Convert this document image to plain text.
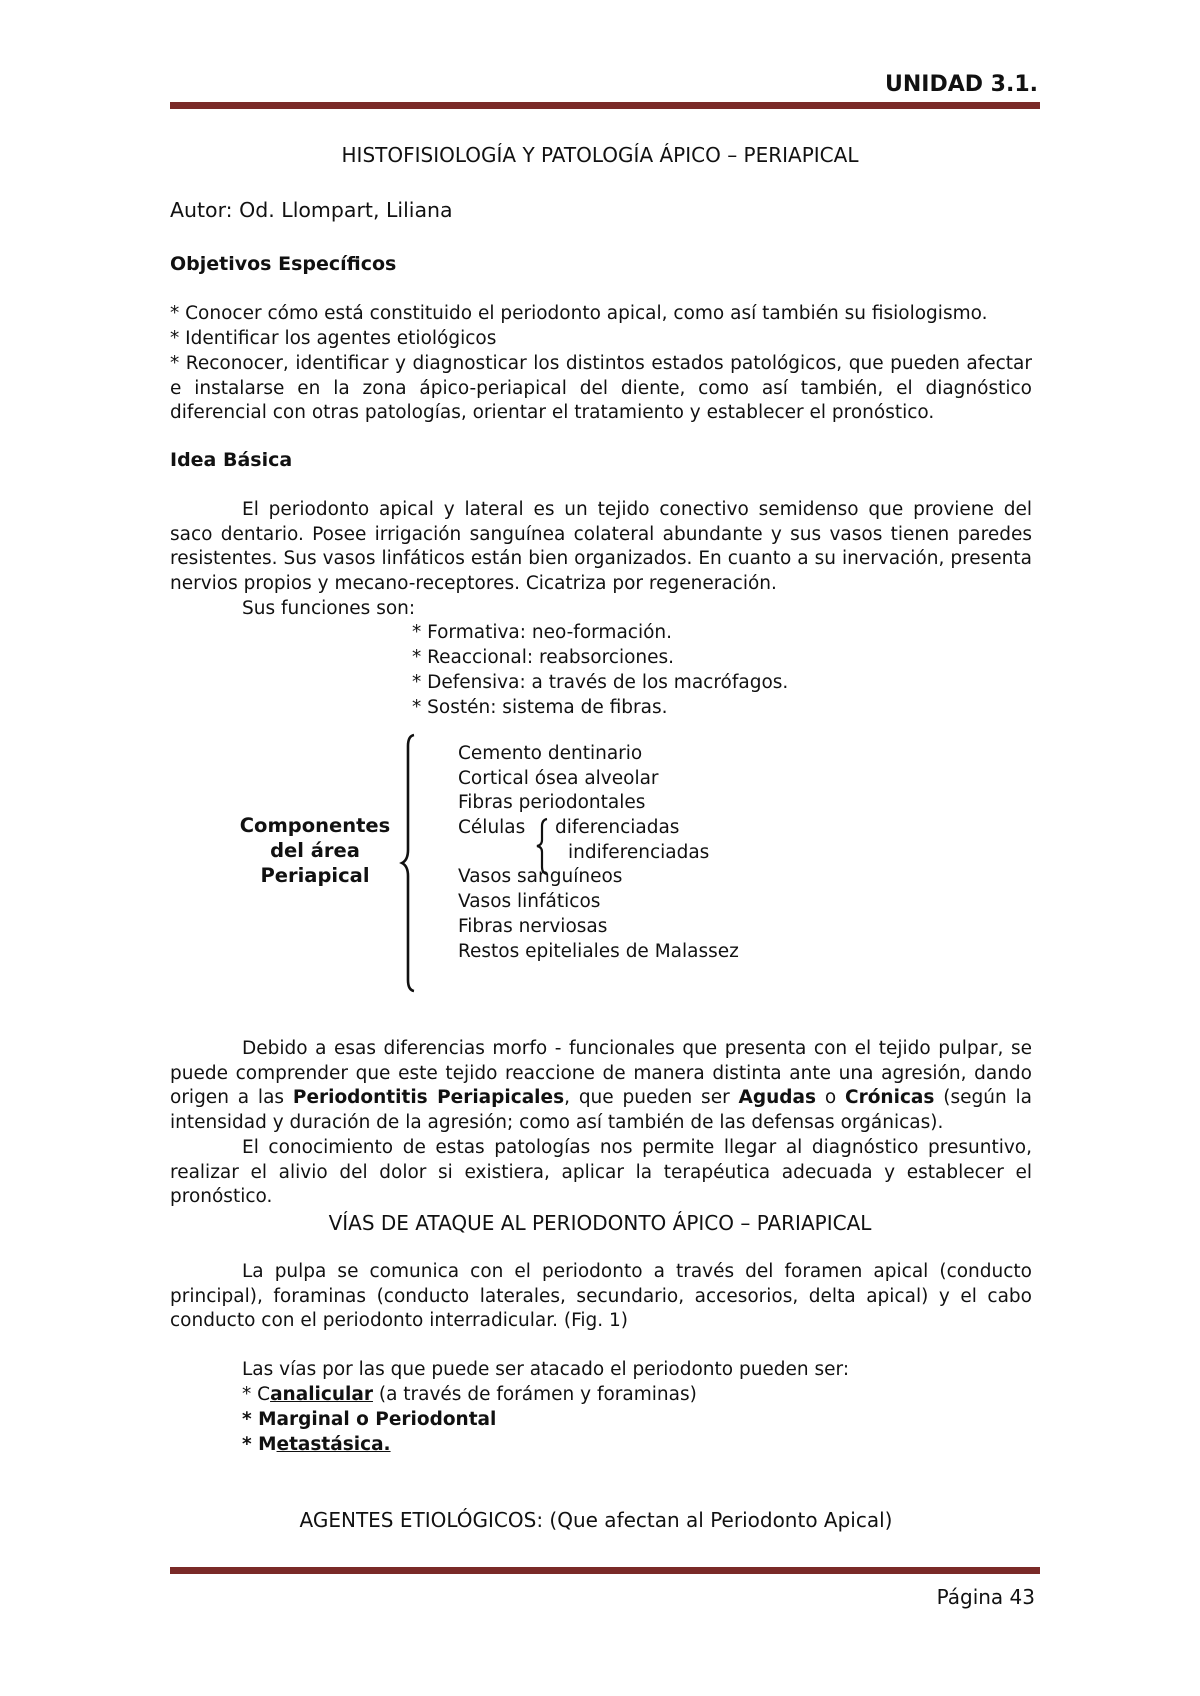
UNIDAD 3.1.
HISTOFISIOLOGÍA Y PATOLOGÍA ÁPICO – PERIAPICAL
Autor: Od. Llompart, Liliana
Objetivos Específicos
* Conocer cómo está constituido el periodonto apical, como así también su fisiologismo.
* Identificar los agentes etiológicos

* Reconocer, identificar y diagnosticar los distintos estados patológicos, que pueden afectar e instalarse en la zona ápico-periapical del diente, como así también, el diagnóstico diferencial con otras patologías, orientar el tratamiento y establecer el pronóstico.

Idea Básica

El periodonto apical y lateral es un tejido conectivo semidenso que proviene del saco dentario. Posee irrigación sanguínea colateral abundante y sus vasos tienen paredes resistentes. Sus vasos linfáticos están bien organizados. En cuanto a su inervación, presenta nervios propios y mecano-receptores. Cicatriza por regeneración.

Sus funciones son:
* Formativa: neo-formación.
* Reaccional: reabsorciones.
* Defensiva: a través de los macrófagos.
* Sostén: sistema de fibras.
Componentes
del área
Periapical
Cemento dentinario
Cortical ósea alveolar
Fibras periodontales
Células
Vasos sanguíneos
Vasos linfáticos
Fibras nerviosas
Restos epiteliales de Malassez
diferenciadas
indiferenciadas

Debido a esas diferencias morfo - funcionales que presenta con el tejido pulpar, se puede comprender que este tejido reaccione de manera distinta ante una agresión, dando origen a las Periodontitis Periapicales, que pueden ser Agudas o Crónicas (según la intensidad y duración de la agresión; como así también de las defensas orgánicas).

El conocimiento de estas patologías nos permite llegar al diagnóstico presuntivo, realizar el alivio del dolor si existiera, aplicar la terapéutica adecuada y establecer el pronóstico.

VÍAS DE ATAQUE AL PERIODONTO ÁPICO – PARIAPICAL

La pulpa se comunica con el periodonto a través del foramen apical (conducto principal), foraminas (conducto laterales, secundario, accesorios, delta apical) y el cabo conducto con el periodonto interradicular. (Fig. 1)

Las vías por las que puede ser atacado el periodonto pueden ser:
* Canalicular (a través de forámen y foraminas)
* Marginal o Periodontal
* Metastásica.
AGENTES ETIOLÓGICOS: (Que afectan al Periodonto Apical)
Página 43
